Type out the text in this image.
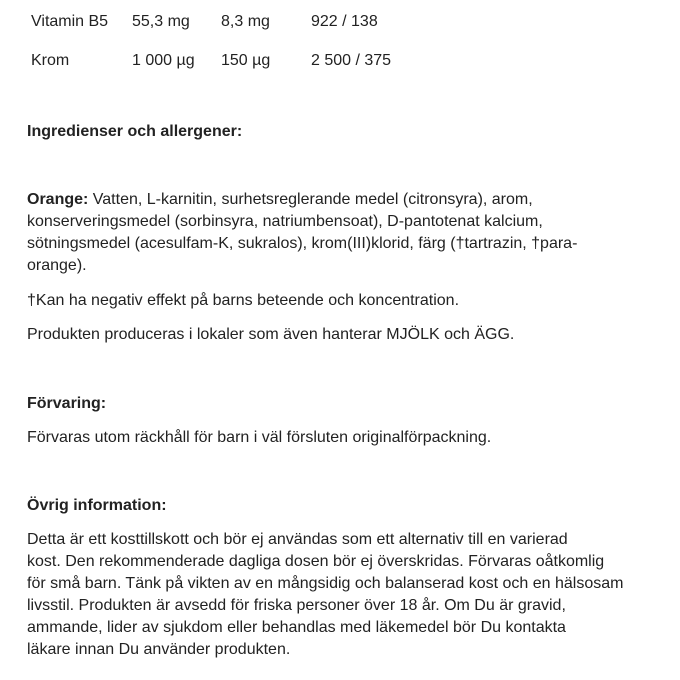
Vitamin B5 55,3 mg 8,3 mg	922 / 138
Krom	1 000 µg 150 µg	2 500 / 375
Ingredienser och allergener:
Orange: Vatten, L-karnitin, surhetsreglerande medel (citronsyra), arom,
konserveringsmedel (sorbinsyra, natriumbensoat), D-pantotenat kalcium,
sötningsmedel (acesulfam-K, sukralos), krom(III)klorid, färg (†tartrazin, †para-
orange).
†Kan ha negativ effekt på barns beteende och koncentration.
Produkten produceras i lokaler som även hanterar MJÖLK och ÄGG.
Förvaring:
Förvaras utom räckhåll för barn i väl försluten originalförpackning.
Övrig information:
Detta är ett kosttillskott och bör ej användas som ett alternativ till en varierad
kost. Den rekommenderade dagliga dosen bör ej överskridas. Förvaras oåtkomlig
för små barn. Tänk på vikten av en mångsidig och balanserad kost och en hälsosam
livsstil. Produkten är avsedd för friska personer över 18 år. Om Du är gravid,
ammande, lider av sjukdom eller behandlas med läkemedel bör Du kontakta
läkare innan Du använder produkten.
